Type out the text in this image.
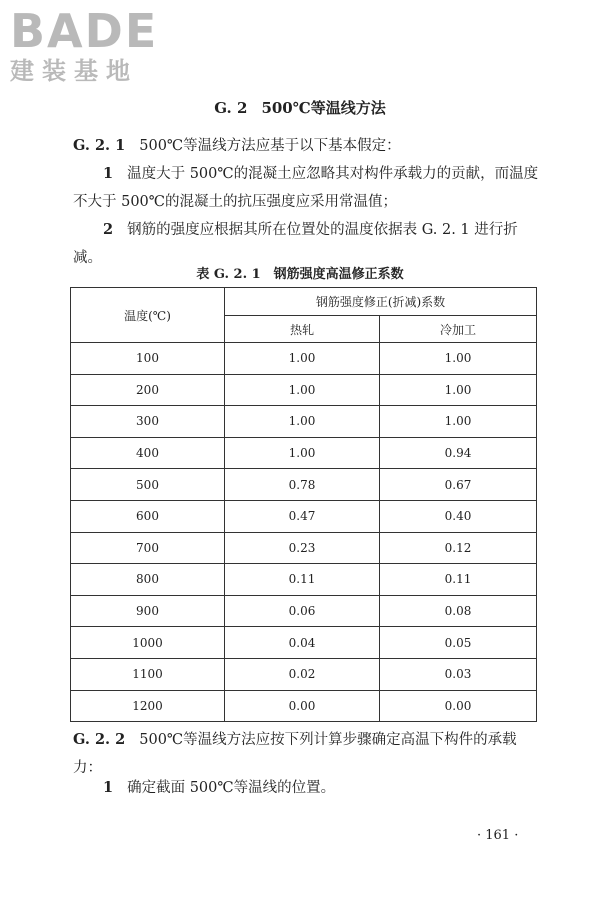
BADE
建装基地
G. 2 500℃等温线方法
G. 2. 1 500℃等温线方法应基于以下基本假定：
1 温度大于 500℃的混凝土应忽略其对构件承载力的贡献，而温度不大于 500℃的混凝土的抗压强度应采用常温值；
2 钢筋的强度应根据其所在位置处的温度依据表 G. 2. 1 进行折减。
表 G. 2. 1　钢筋强度高温修正系数
温度(℃)	钢筋强度修正(折减)系数	
	热轧	冷加工
100	1.00	1.00
200	1.00	1.00
300	1.00	1.00
400	1.00	0.94
500	0.78	0.67
600	0.47	0.40
700	0.23	0.12
800	0.11	0.11
900	0.06	0.08
1000	0.04	0.05
1100	0.02	0.03
1200	0.00	0.00
G. 2. 2 500℃等温线方法应按下列计算步骤确定高温下构件的承载力：
1 确定截面 500℃等温线的位置。
· 161 ·
